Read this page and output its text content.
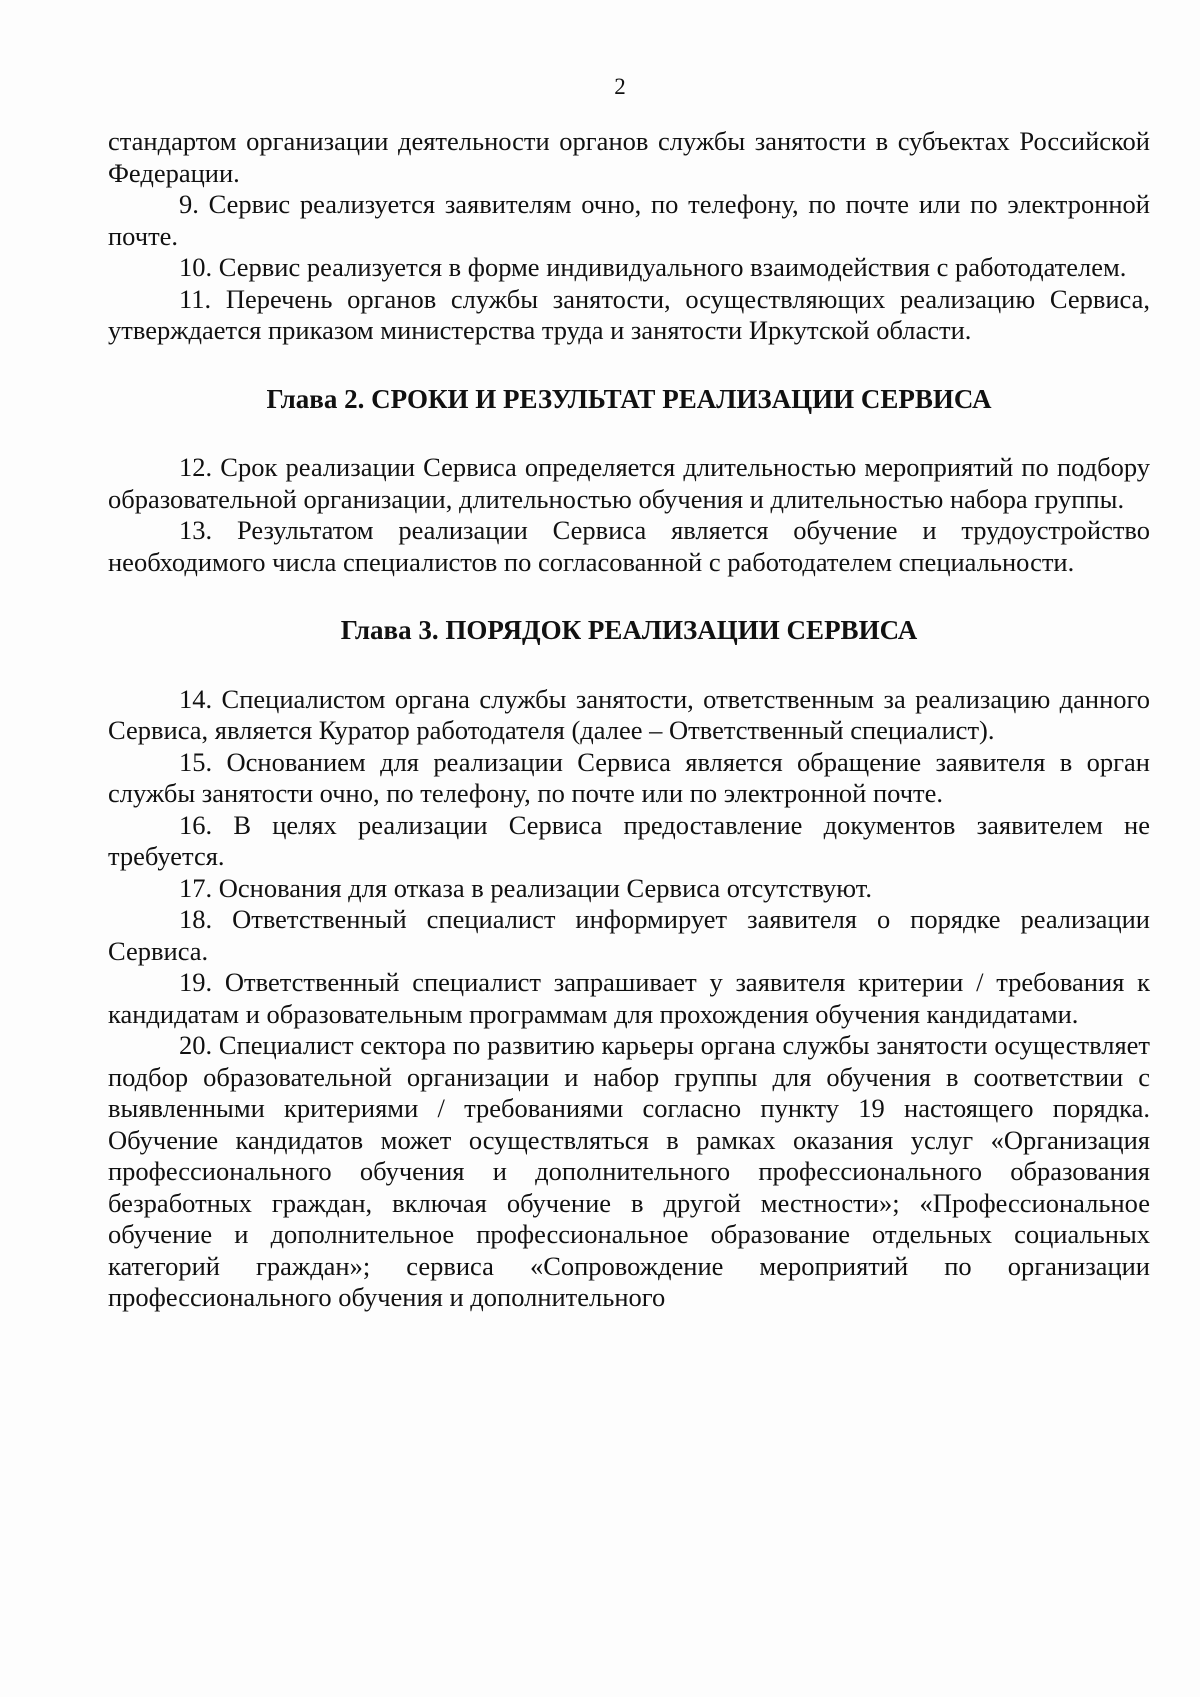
2

стандартом организации деятельности органов службы занятости в субъектах Российской Федерации.

9. Сервис реализуется заявителям очно, по телефону, по почте или по электронной почте.

10. Сервис реализуется в форме индивидуального взаимодействия с работодателем.

11. Перечень органов службы занятости, осуществляющих реализацию Сервиса, утверждается приказом министерства труда и занятости Иркутской области.

Глава 2. СРОКИ И РЕЗУЛЬТАТ РЕАЛИЗАЦИИ СЕРВИСА

12. Срок реализации Сервиса определяется длительностью мероприятий по подбору образовательной организации, длительностью обучения и длительностью набора группы.

13. Результатом реализации Сервиса является обучение и трудоустройство необходимого числа специалистов по согласованной с работодателем специальности.

Глава 3. ПОРЯДОК РЕАЛИЗАЦИИ СЕРВИСА

14. Специалистом органа службы занятости, ответственным за реализацию данного Сервиса, является Куратор работодателя (далее – Ответственный специалист).

15. Основанием для реализации Сервиса является обращение заявителя в орган службы занятости очно, по телефону, по почте или по электронной почте.

16. В целях реализации Сервиса предоставление документов заявителем не требуется.

17. Основания для отказа в реализации Сервиса отсутствуют.

18. Ответственный специалист информирует заявителя о порядке реализации Сервиса.

19. Ответственный специалист запрашивает у заявителя критерии / требования к кандидатам и образовательным программам для прохождения обучения кандидатами.

20. Специалист сектора по развитию карьеры органа службы занятости осуществляет подбор образовательной организации и набор группы для обучения в соответствии с выявленными критериями / требованиями согласно пункту 19 настоящего порядка. Обучение кандидатов может осуществляться в рамках оказания услуг «Организация профессионального обучения и дополнительного профессионального образования безработных граждан, включая обучение в другой местности»; «Профессиональное обучение и дополнительное профессиональное образование отдельных социальных категорий граждан»; сервиса «Сопровождение мероприятий по организации профессионального обучения и дополнительного
